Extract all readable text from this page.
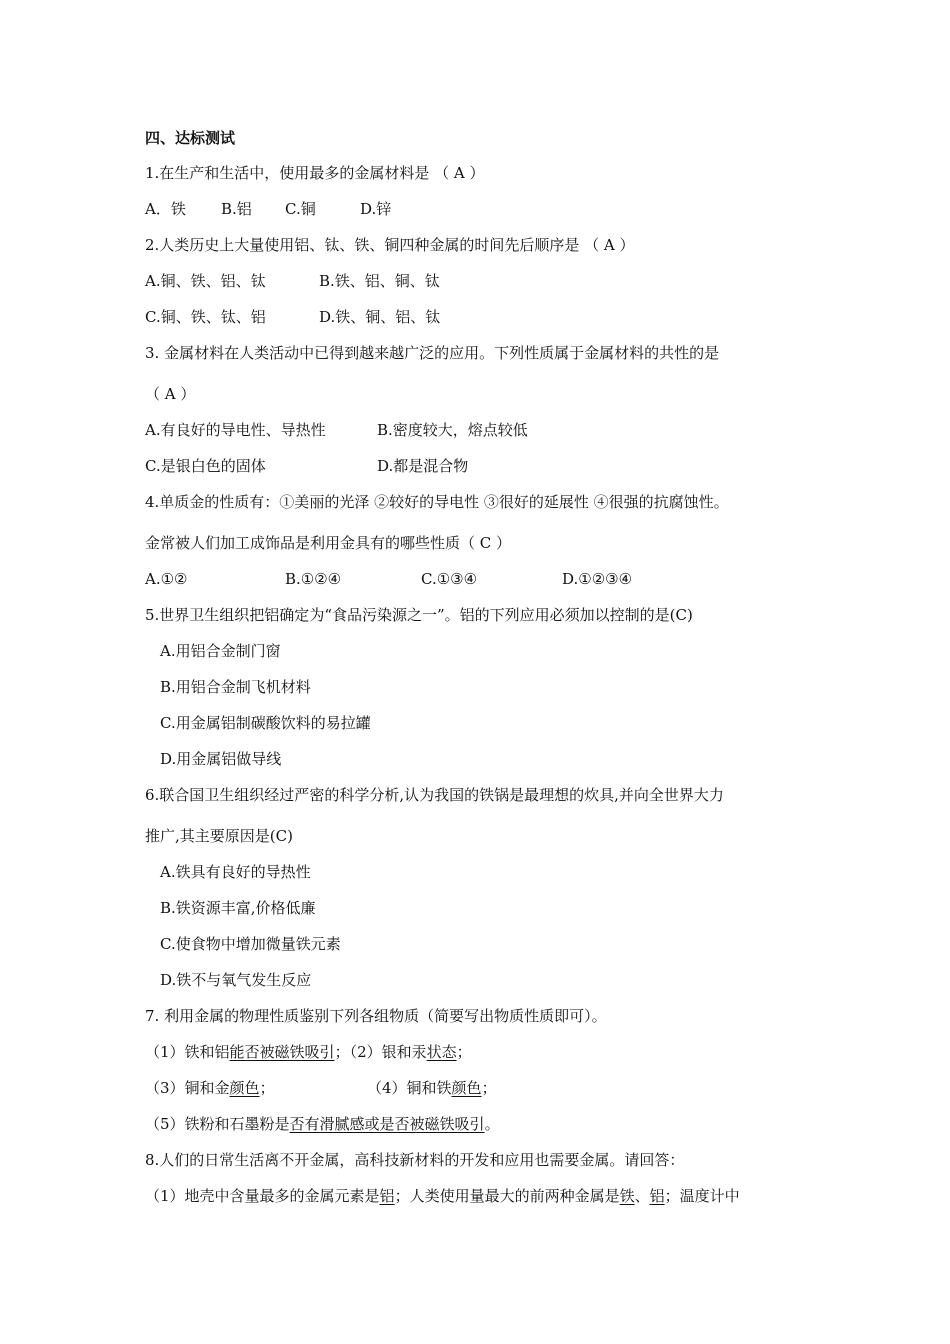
四、达标测试
1.在生产和生活中，使用最多的金属材料是 （ A ）
A．铁 B.铝 C.铜	D.锌
2.人类历史上大量使用铝、钛、铁、铜四种金属的时间先后顺序是 （ A ）
A.铜、铁、铝、钛	B.铁、铝、铜、钛
C.铜、铁、钛、铝	D.铁、铜、铝、钛
3. 金属材料在人类活动中已得到越来越广泛的应用。下列性质属于金属材料的共性的是
（ A ）
A.有良好的导电性、导热性	B.密度较大，熔点较低
C.是银白色的固体	D.都是混合物
4.单质金的性质有：①美丽的光泽 ②较好的导电性 ③很好的延展性 ④很强的抗腐蚀性。
金常被人们加工成饰品是利用金具有的哪些性质（ C ）
A.①②	B.①②④	C.①③④	D.①②③④
5.世界卫生组织把铝确定为“食品污染源之一”。铝的下列应用必须加以控制的是(C)
A.用铝合金制门窗
B.用铝合金制飞机材料
C.用金属铝制碳酸饮料的易拉罐
D.用金属铝做导线
6.联合国卫生组织经过严密的科学分析,认为我国的铁锅是最理想的炊具,并向全世界大力
推广,其主要原因是(C)
A.铁具有良好的导热性
B.铁资源丰富,价格低廉
C.使食物中增加微量铁元素
D.铁不与氧气发生反应
7. 利用金属的物理性质鉴别下列各组物质（简要写出物质性质即可）。
（1）铁和铝能否被磁铁吸引；（2）银和汞状态；
（3）铜和金颜色；	（4）铜和铁颜色；
（5）铁粉和石墨粉是否有滑腻感或是否被磁铁吸引。
8.人们的日常生活离不开金属，高科技新材料的开发和应用也需要金属。请回答：
（1）地壳中含量最多的金属元素是铝；人类使用量最大的前两种金属是铁、铝；温度计中
